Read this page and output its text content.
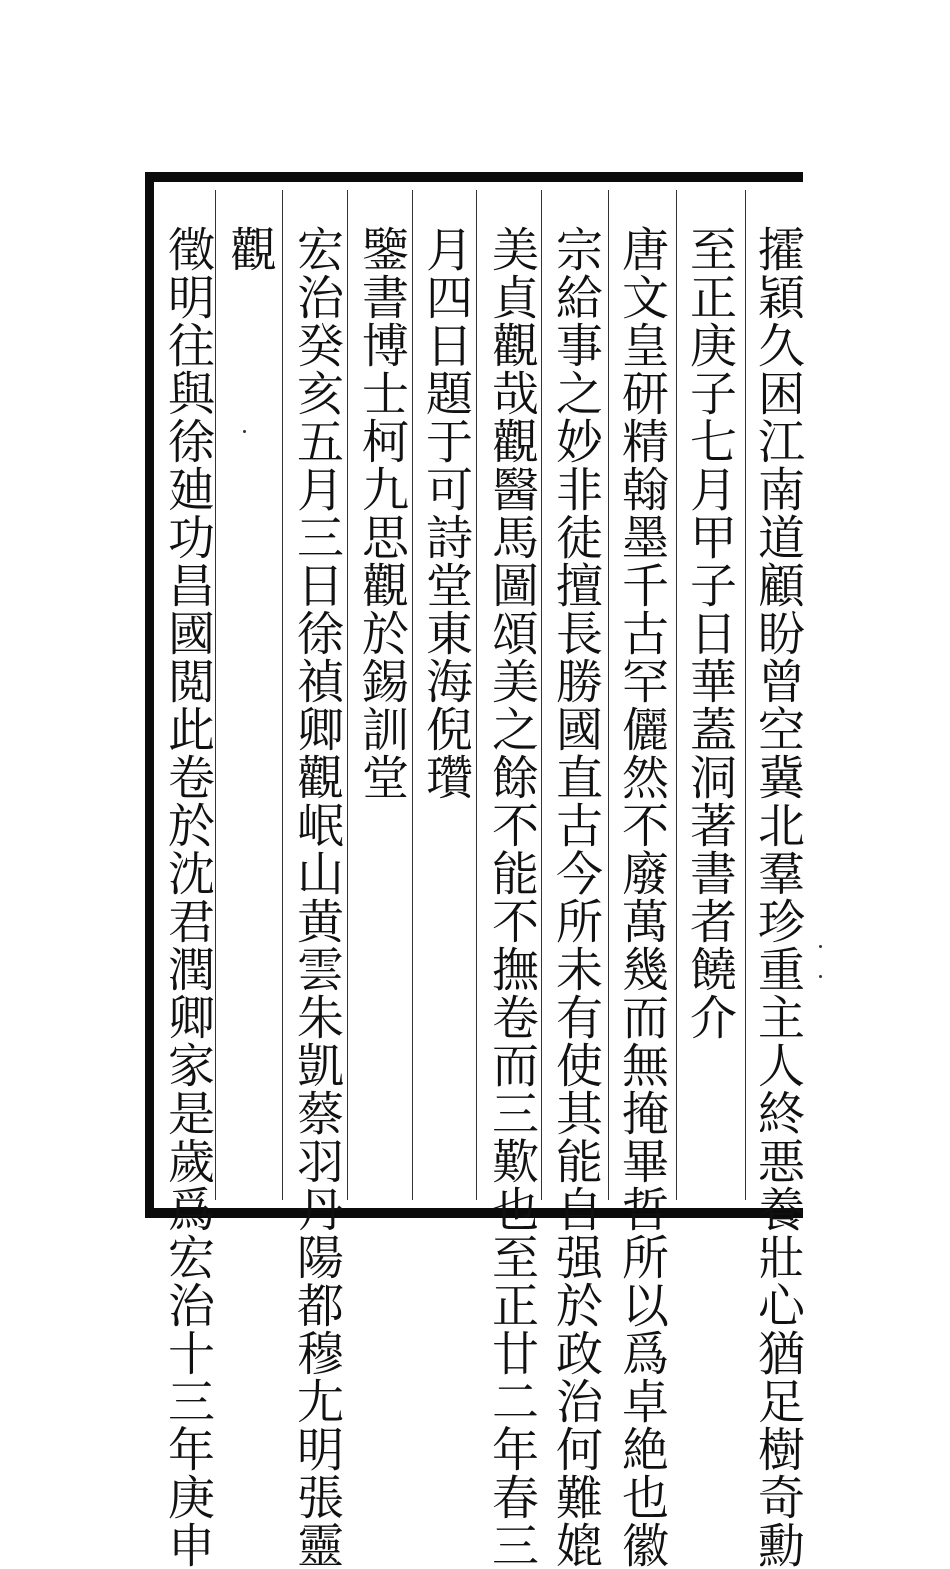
攉穎久困江南道顧盼曾空冀北羣珍重主人終悪養壯心猶足樹奇勳
至正庚子七月甲子日華蓋洞著書者饒介
唐文皇研精翰墨千古罕儷然不廢萬幾而無掩畢哲所以爲卓絶也徽
宗給事之妙非徒擅長勝國直古今所未有使其能自强於政治何難媲
美貞觀哉觀醫馬圖頌美之餘不能不撫卷而三歎也至正廿二年春三
月四日題于可詩堂東海倪瓚
鑒書博士柯九思觀於錫訓堂
宏治癸亥五月三日徐禎卿觀岷山黄雲朱凱蔡羽丹陽都穆尢明張靈
觀
徵明往與徐廸功昌國閲此卷於沈君潤卿家是歲爲宏治十三年庚申
